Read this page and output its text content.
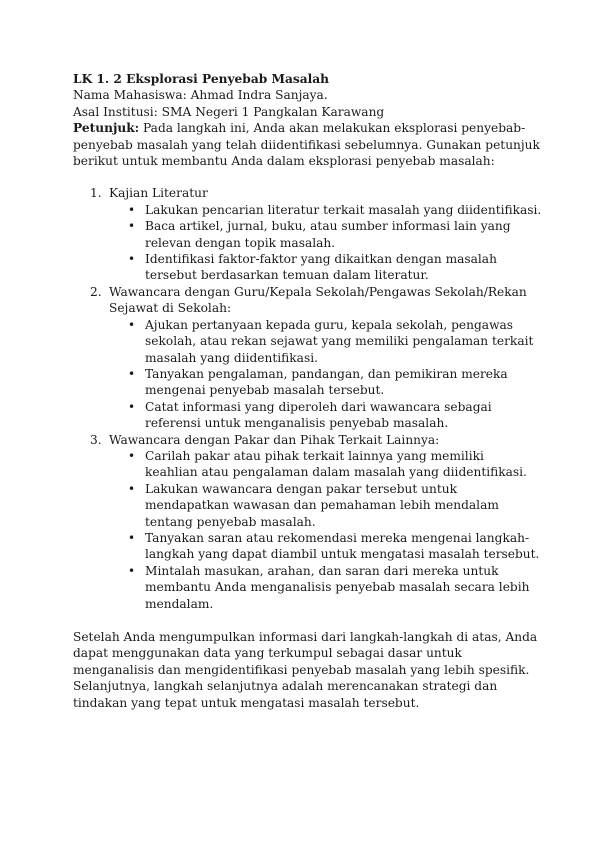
LK 1. 2 Eksplorasi Penyebab Masalah
Nama Mahasiswa: Ahmad Indra Sanjaya.
Asal Institusi: SMA Negeri 1 Pangkalan Karawang
Petunjuk: Pada langkah ini, Anda akan melakukan eksplorasi penyebab-
penyebab masalah yang telah diidentifikasi sebelumnya. Gunakan petunjuk
berikut untuk membantu Anda dalam eksplorasi penyebab masalah:
1. Kajian Literatur
• Lakukan pencarian literatur terkait masalah yang diidentifikasi.
• Baca artikel, jurnal, buku, atau sumber informasi lain yang
relevan dengan topik masalah.
• Identifikasi faktor-faktor yang dikaitkan dengan masalah
tersebut berdasarkan temuan dalam literatur.
2. Wawancara dengan Guru/Kepala Sekolah/Pengawas Sekolah/Rekan
Sejawat di Sekolah:
• Ajukan pertanyaan kepada guru, kepala sekolah, pengawas
sekolah, atau rekan sejawat yang memiliki pengalaman terkait
masalah yang diidentifikasi.
• Tanyakan pengalaman, pandangan, dan pemikiran mereka
mengenai penyebab masalah tersebut.
• Catat informasi yang diperoleh dari wawancara sebagai
referensi untuk menganalisis penyebab masalah.
3. Wawancara dengan Pakar dan Pihak Terkait Lainnya:
• Carilah pakar atau pihak terkait lainnya yang memiliki
keahlian atau pengalaman dalam masalah yang diidentifikasi.
• Lakukan wawancara dengan pakar tersebut untuk
mendapatkan wawasan dan pemahaman lebih mendalam
tentang penyebab masalah.
• Tanyakan saran atau rekomendasi mereka mengenai langkah-
langkah yang dapat diambil untuk mengatasi masalah tersebut.
• Mintalah masukan, arahan, dan saran dari mereka untuk
membantu Anda menganalisis penyebab masalah secara lebih
mendalam.
Setelah Anda mengumpulkan informasi dari langkah-langkah di atas, Anda
dapat menggunakan data yang terkumpul sebagai dasar untuk
menganalisis dan mengidentifikasi penyebab masalah yang lebih spesifik.
Selanjutnya, langkah selanjutnya adalah merencanakan strategi dan
tindakan yang tepat untuk mengatasi masalah tersebut.
